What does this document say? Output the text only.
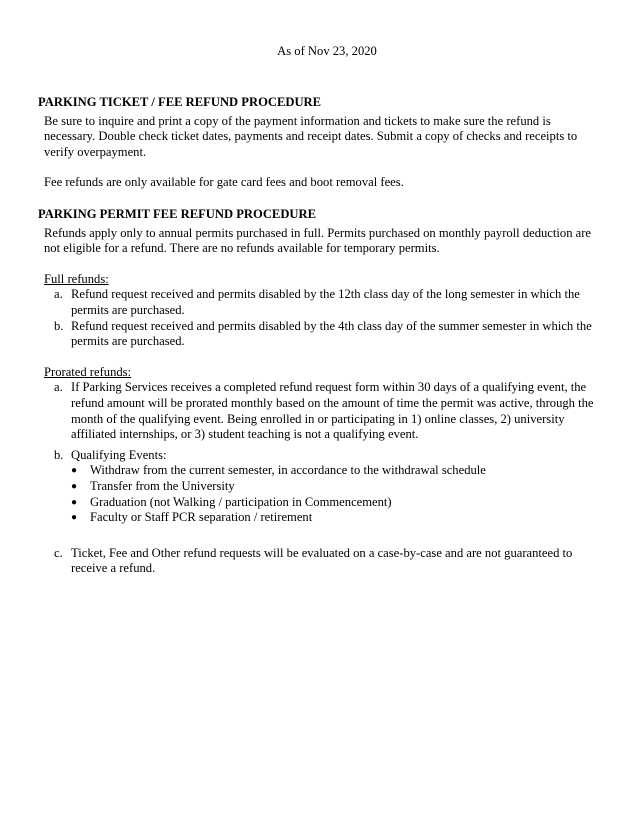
As of Nov 23, 2020
PARKING TICKET / FEE REFUND PROCEDURE
Be sure to inquire and print a copy of the payment information and tickets to make sure the refund is
necessary. Double check ticket dates, payments and receipt dates. Submit a copy of checks and receipts to
verify overpayment.
Fee refunds are only available for gate card fees and boot removal fees.
PARKING PERMIT FEE REFUND PROCEDURE
Refunds apply only to annual permits purchased in full. Permits purchased on monthly payroll deduction are
not eligible for a refund. There are no refunds available for temporary permits.
Full refunds:
a. Refund request received and permits disabled by the 12th class day of the long semester in which the
permits are purchased.
b. Refund request received and permits disabled by the 4th class day of the summer semester in which the
permits are purchased.
Prorated refunds:
a. If Parking Services receives a completed refund request form within 30 days of a qualifying event, the
refund amount will be prorated monthly based on the amount of time the permit was active, through the
month of the qualifying event. Being enrolled in or participating in 1) online classes, 2) university
affiliated internships, or 3) student teaching is not a qualifying event.
b. Qualifying Events:
● Withdraw from the current semester, in accordance to the withdrawal schedule
● Transfer from the University
● Graduation (not Walking / participation in Commencement)
● Faculty or Staff PCR separation / retirement
c. Ticket, Fee and Other refund requests will be evaluated on a case-by-case and are not guaranteed to
receive a refund.
